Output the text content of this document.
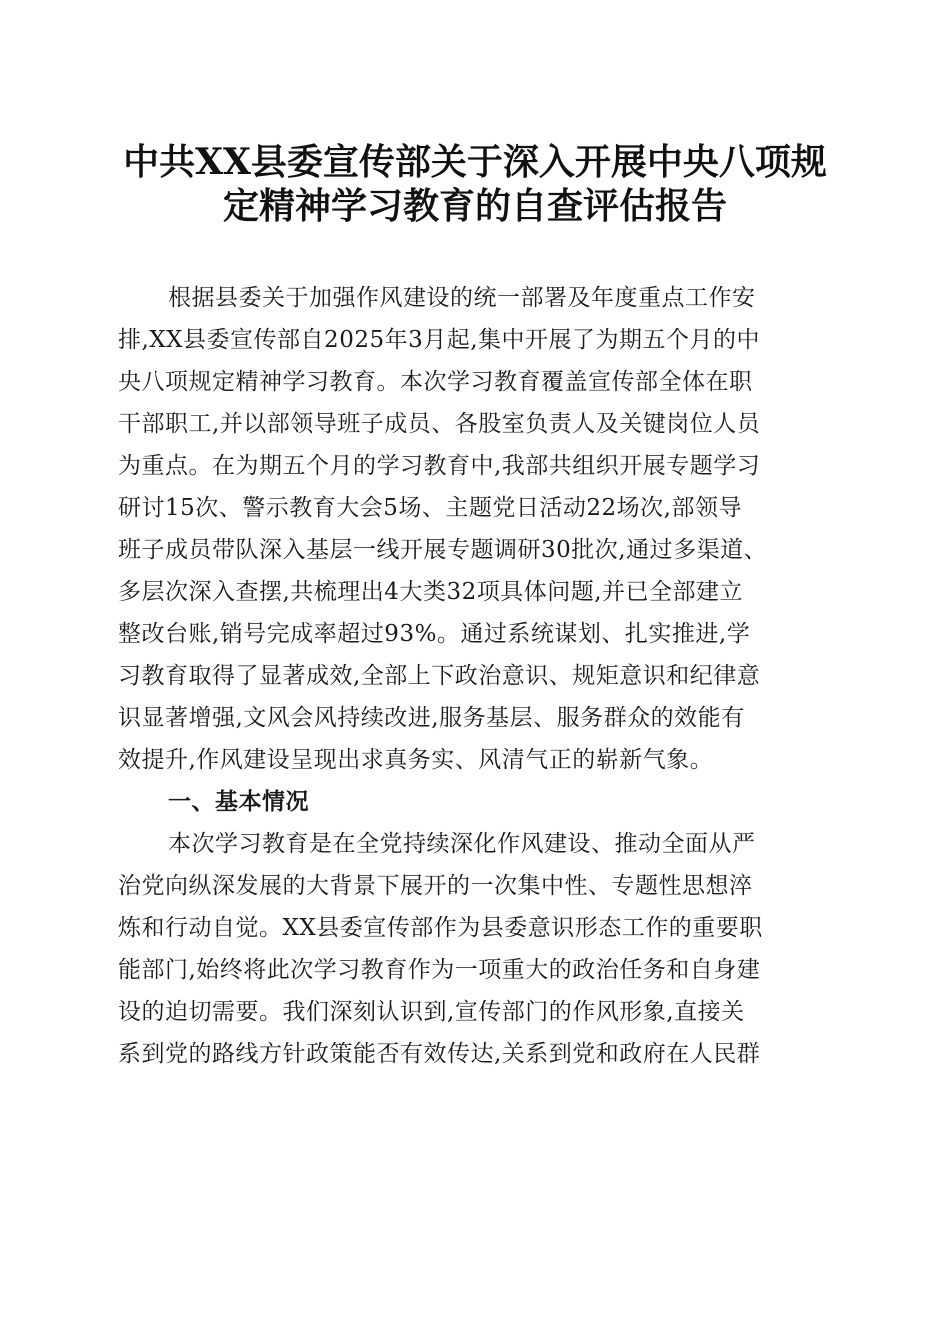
中共XX县委宣传部关于深入开展中央八项规
定精神学习教育的自查评估报告
根据县委关于加强作风建设的统一部署及年度重点工作安
排,XX县委宣传部自2025年3月起,集中开展了为期五个月的中
央八项规定精神学习教育。本次学习教育覆盖宣传部全体在职
干部职工,并以部领导班子成员、各股室负责人及关键岗位人员
为重点。在为期五个月的学习教育中,我部共组织开展专题学习
研讨15次、警示教育大会5场、主题党日活动22场次,部领导
班子成员带队深入基层一线开展专题调研30批次,通过多渠道、
多层次深入查摆,共梳理出4大类32项具体问题,并已全部建立
整改台账,销号完成率超过93%。通过系统谋划、扎实推进,学
习教育取得了显著成效,全部上下政治意识、规矩意识和纪律意
识显著增强,文风会风持续改进,服务基层、服务群众的效能有
效提升,作风建设呈现出求真务实、风清气正的崭新气象。
一、基本情况
本次学习教育是在全党持续深化作风建设、推动全面从严
治党向纵深发展的大背景下展开的一次集中性、专题性思想淬
炼和行动自觉。XX县委宣传部作为县委意识形态工作的重要职
能部门,始终将此次学习教育作为一项重大的政治任务和自身建
设的迫切需要。我们深刻认识到,宣传部门的作风形象,直接关
系到党的路线方针政策能否有效传达,关系到党和政府在人民群
